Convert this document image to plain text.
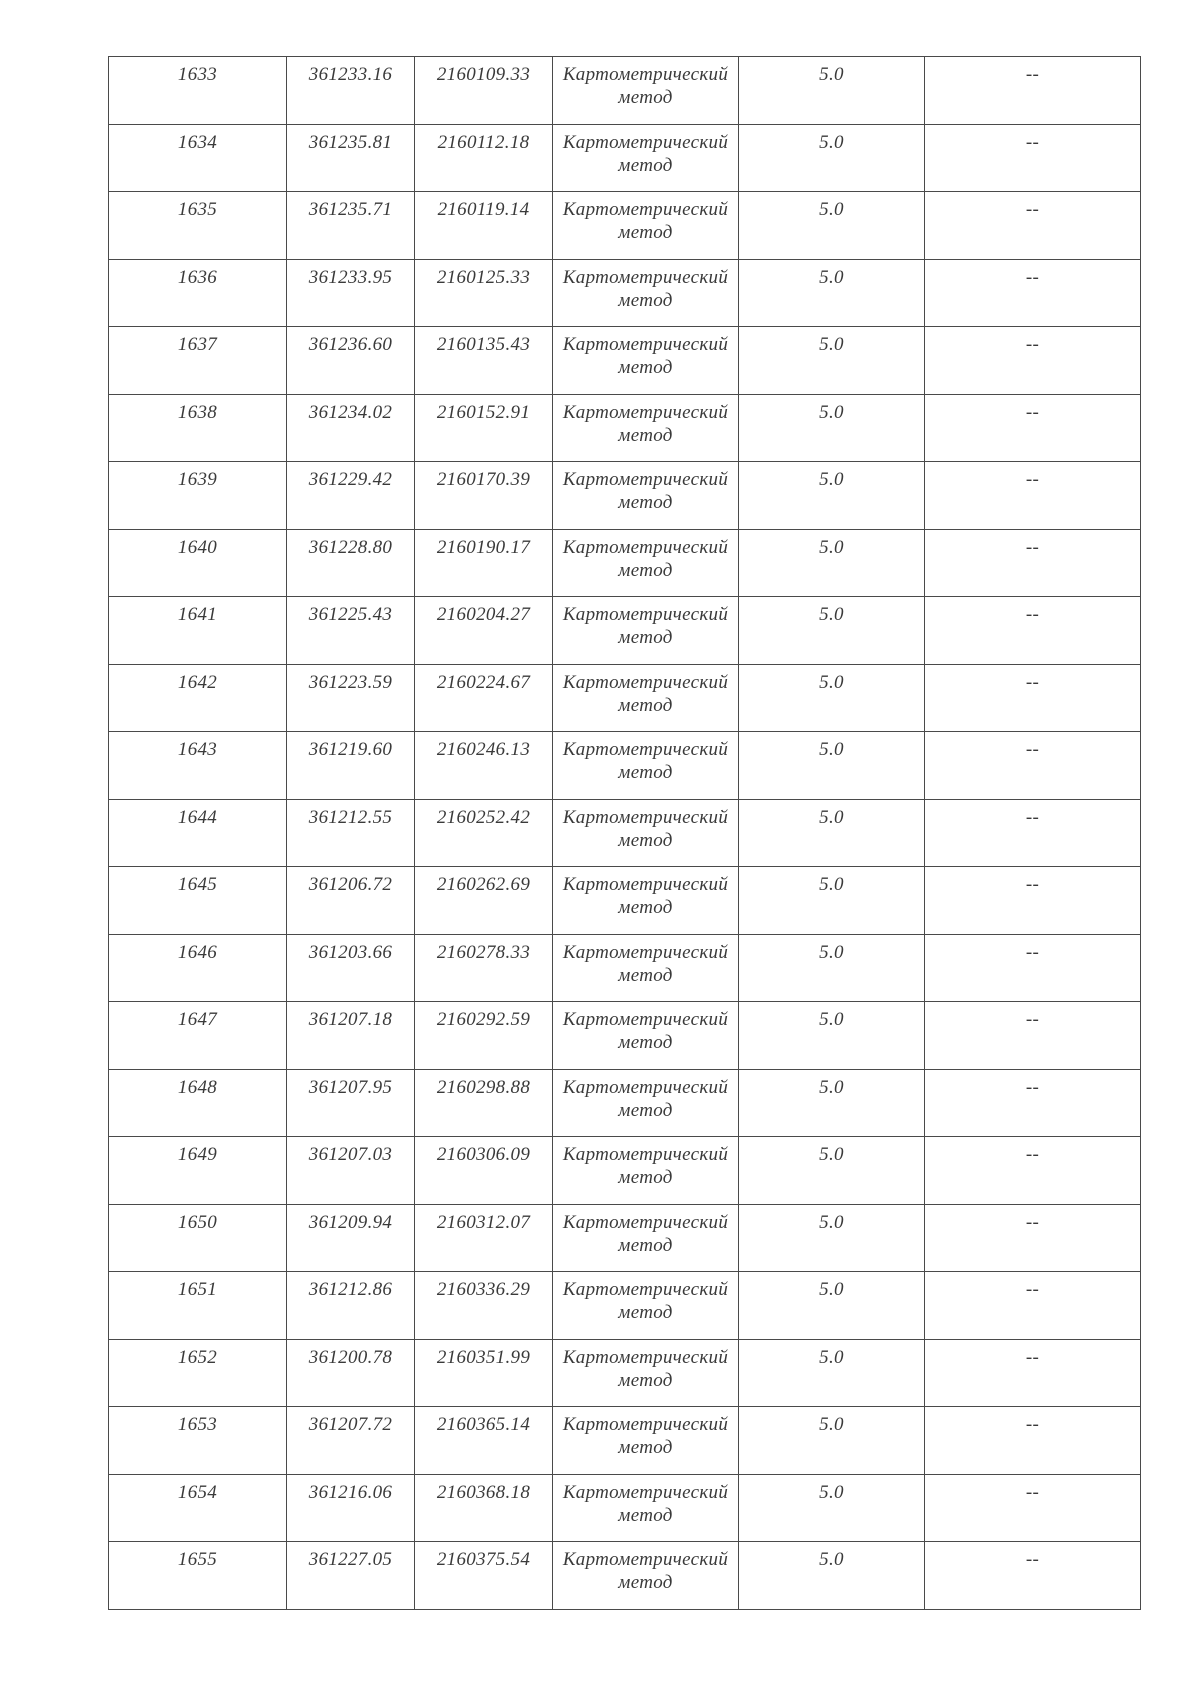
1633	361233.16	2160109.33	Картометрический метод	5.0	--
1634	361235.81	2160112.18	Картометрический метод	5.0	--
1635	361235.71	2160119.14	Картометрический метод	5.0	--
1636	361233.95	2160125.33	Картометрический метод	5.0	--
1637	361236.60	2160135.43	Картометрический метод	5.0	--
1638	361234.02	2160152.91	Картометрический метод	5.0	--
1639	361229.42	2160170.39	Картометрический метод	5.0	--
1640	361228.80	2160190.17	Картометрический метод	5.0	--
1641	361225.43	2160204.27	Картометрический метод	5.0	--
1642	361223.59	2160224.67	Картометрический метод	5.0	--
1643	361219.60	2160246.13	Картометрический метод	5.0	--
1644	361212.55	2160252.42	Картометрический метод	5.0	--
1645	361206.72	2160262.69	Картометрический метод	5.0	--
1646	361203.66	2160278.33	Картометрический метод	5.0	--
1647	361207.18	2160292.59	Картометрический метод	5.0	--
1648	361207.95	2160298.88	Картометрический метод	5.0	--
1649	361207.03	2160306.09	Картометрический метод	5.0	--
1650	361209.94	2160312.07	Картометрический метод	5.0	--
1651	361212.86	2160336.29	Картометрический метод	5.0	--
1652	361200.78	2160351.99	Картометрический метод	5.0	--
1653	361207.72	2160365.14	Картометрический метод	5.0	--
1654	361216.06	2160368.18	Картометрический метод	5.0	--
1655	361227.05	2160375.54	Картометрический метод	5.0	--
